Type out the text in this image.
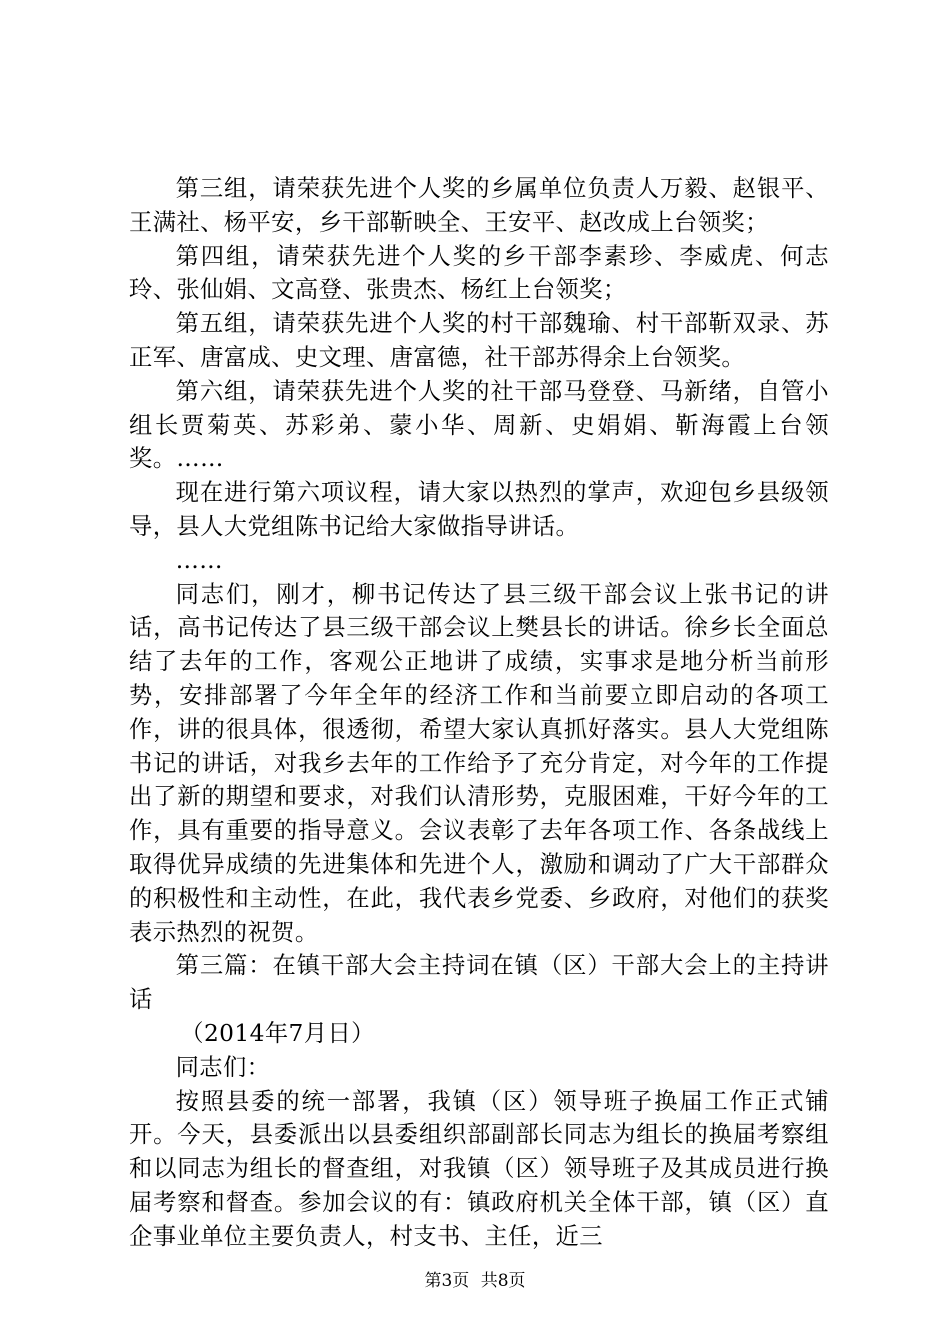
第三组，请荣获先进个人奖的乡属单位负责人万毅、赵银平、王满社、杨平安，乡干部靳映全、王安平、赵改成上台领奖；

第四组，请荣获先进个人奖的乡干部李素珍、李威虎、何志玲、张仙娟、文高登、张贵杰、杨红上台领奖；

第五组，请荣获先进个人奖的村干部魏瑜、村干部靳双录、苏正军、唐富成、史文理、唐富德，社干部苏得余上台领奖。

第六组，请荣获先进个人奖的社干部马登登、马新绪，自管小组长贾菊英、苏彩弟、蒙小华、周新、史娟娟、靳海霞上台领奖。……

现在进行第六项议程，请大家以热烈的掌声，欢迎包乡县级领导，县人大党组陈书记给大家做指导讲话。

……

同志们，刚才，柳书记传达了县三级干部会议上张书记的讲话，高书记传达了县三级干部会议上樊县长的讲话。徐乡长全面总结了去年的工作，客观公正地讲了成绩，实事求是地分析当前形势，安排部署了今年全年的经济工作和当前要立即启动的各项工作，讲的很具体，很透彻，希望大家认真抓好落实。县人大党组陈书记的讲话，对我乡去年的工作给予了充分肯定，对今年的工作提出了新的期望和要求，对我们认清形势，克服困难，干好今年的工作，具有重要的指导意义。会议表彰了去年各项工作、各条战线上取得优异成绩的先进集体和先进个人，激励和调动了广大干部群众的积极性和主动性，在此，我代表乡党委、乡政府，对他们的获奖表示热烈的祝贺。

第三篇：在镇干部大会主持词在镇（区）干部大会上的主持讲话

（2014年7月日）

同志们：

按照县委的统一部署，我镇（区）领导班子换届工作正式铺开。今天，县委派出以县委组织部副部长同志为组长的换届考察组和以同志为组长的督查组，对我镇（区）领导班子及其成员进行换届考察和督查。参加会议的有：镇政府机关全体干部，镇（区）直企事业单位主要负责人，村支书、主任，近三

第3页 共8页
